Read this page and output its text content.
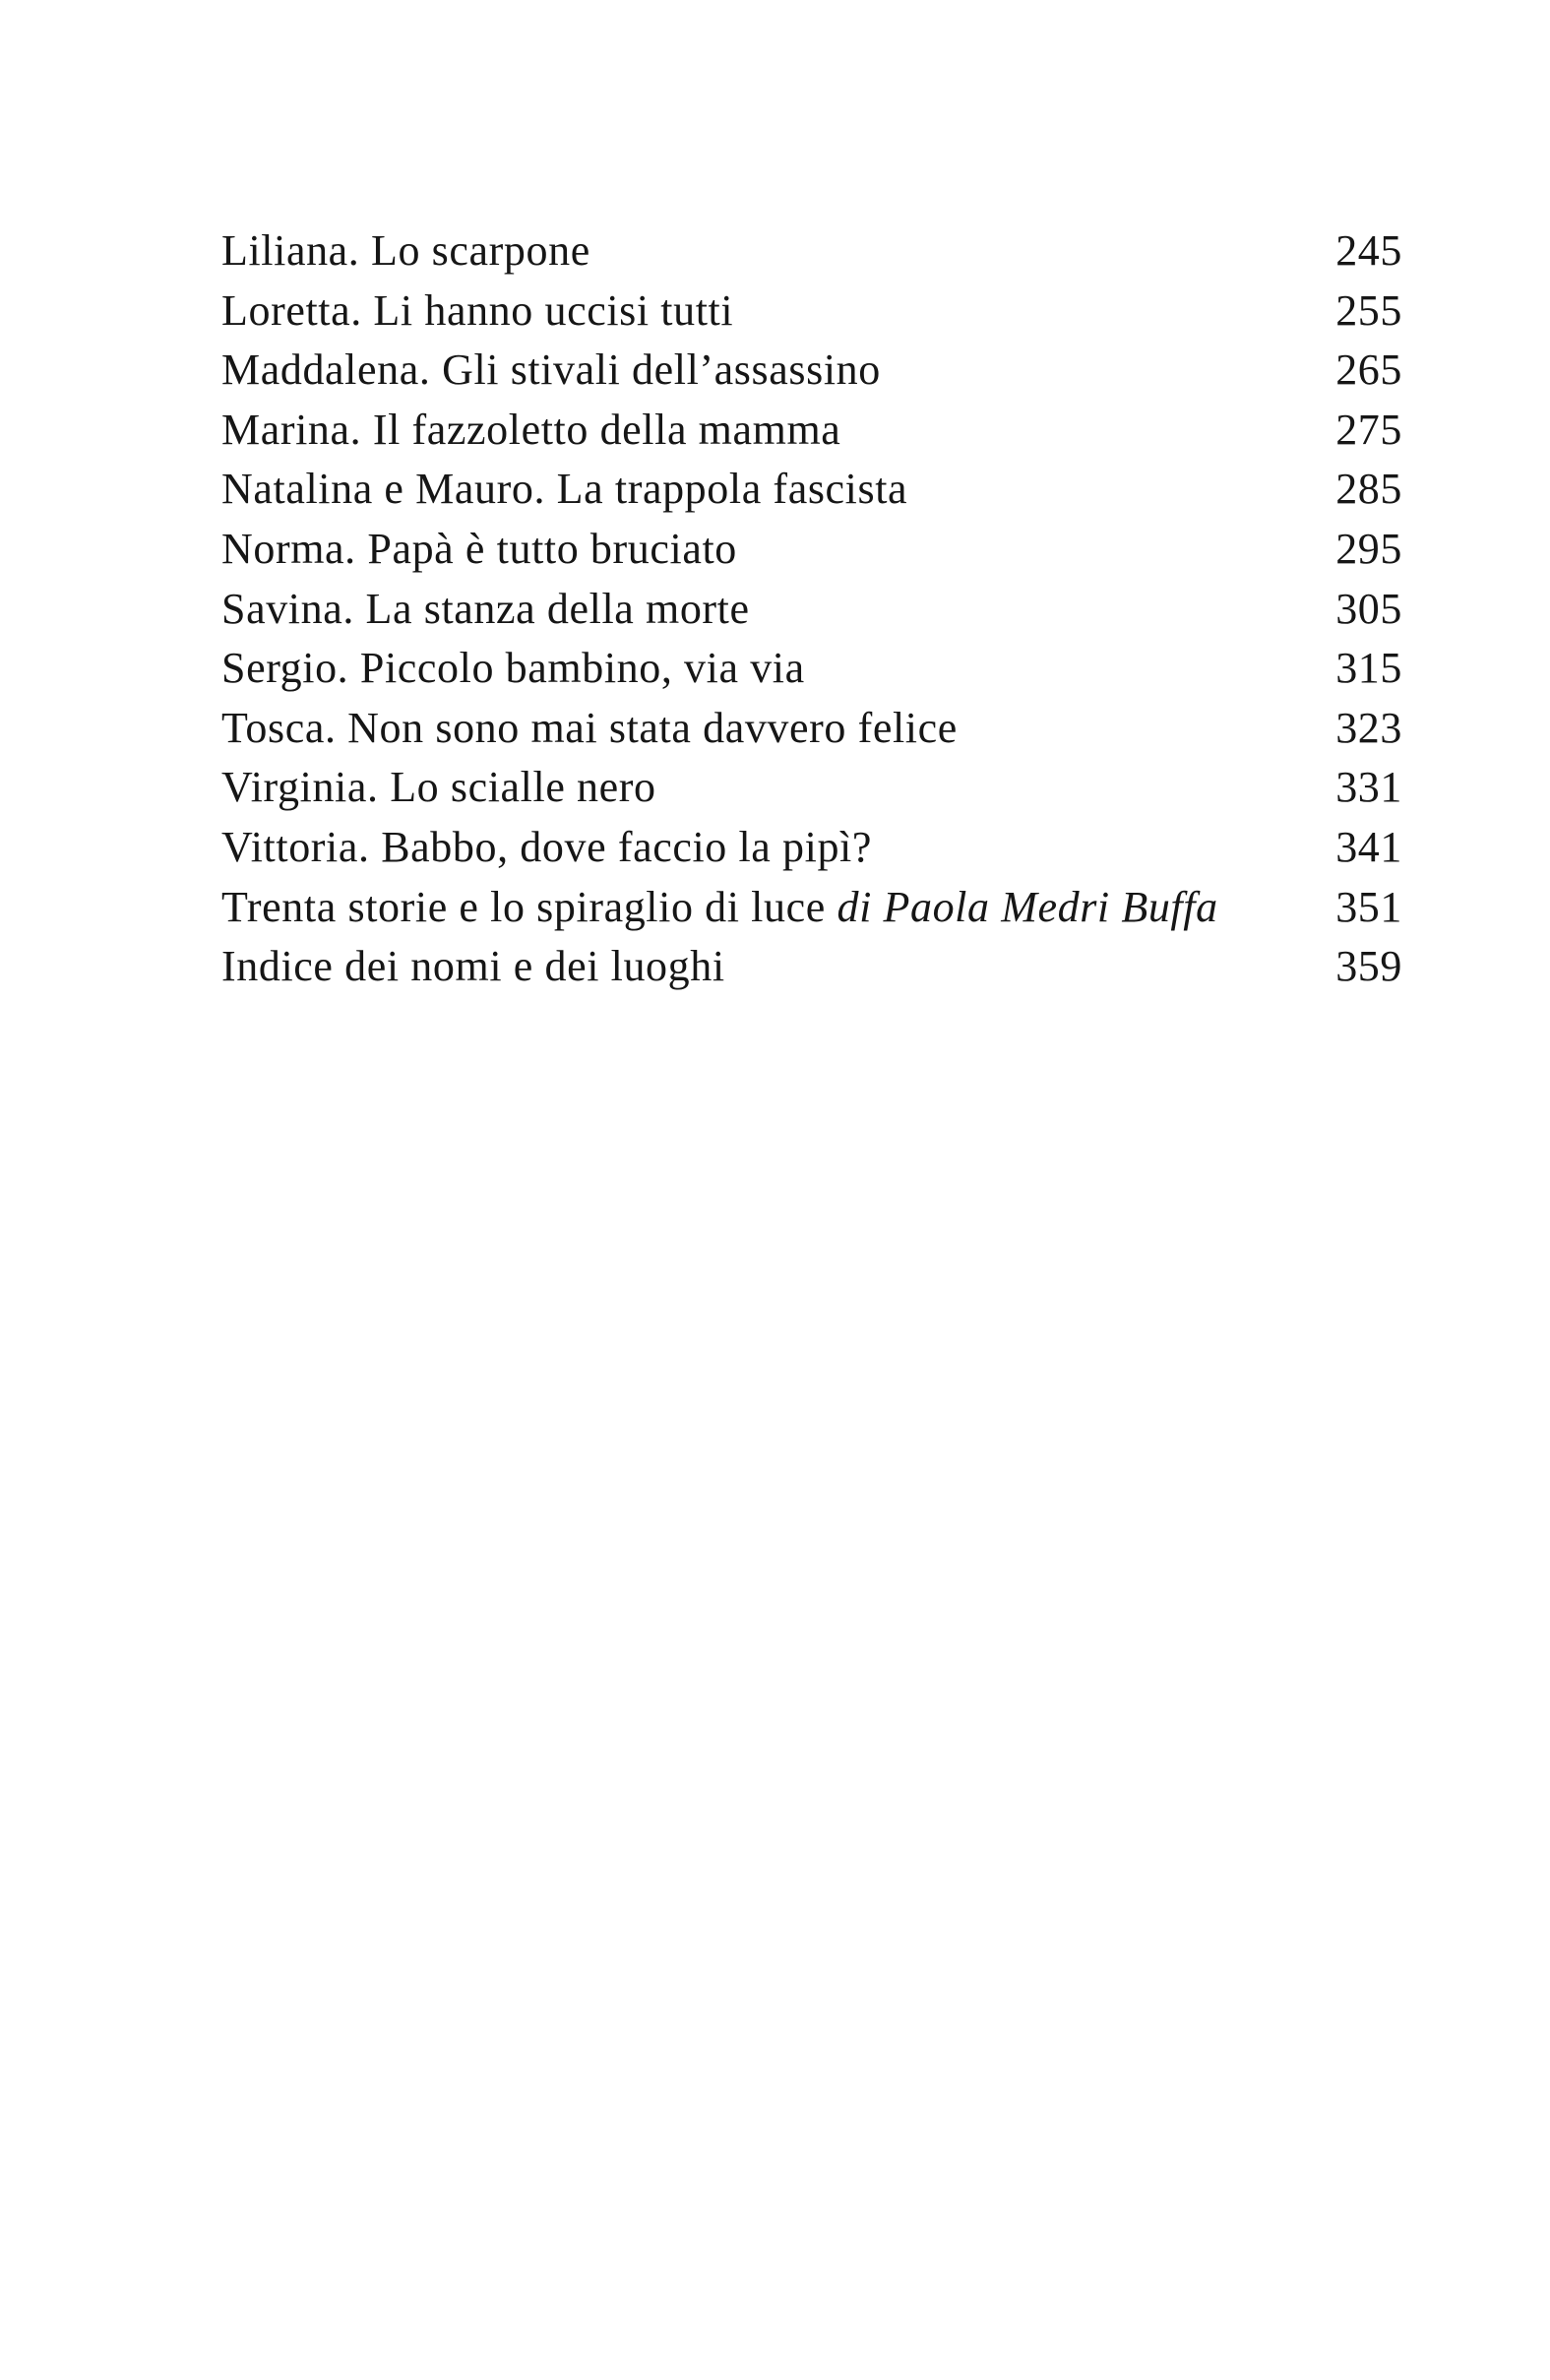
Liliana. Lo scarpone	245
Loretta. Li hanno uccisi tutti	255
Maddalena. Gli stivali dell’assassino	265
Marina. Il fazzoletto della mamma	275
Natalina e Mauro. La trappola fascista	285
Norma. Papà è tutto bruciato	295
Savina. La stanza della morte	305
Sergio. Piccolo bambino, via via	315
Tosca. Non sono mai stata davvero felice	323
Virginia. Lo scialle nero	331
Vittoria. Babbo, dove faccio la pipì?	341
Trenta storie e lo spiraglio di luce di Paola Medri Buffa	351
Indice dei nomi e dei luoghi	359
